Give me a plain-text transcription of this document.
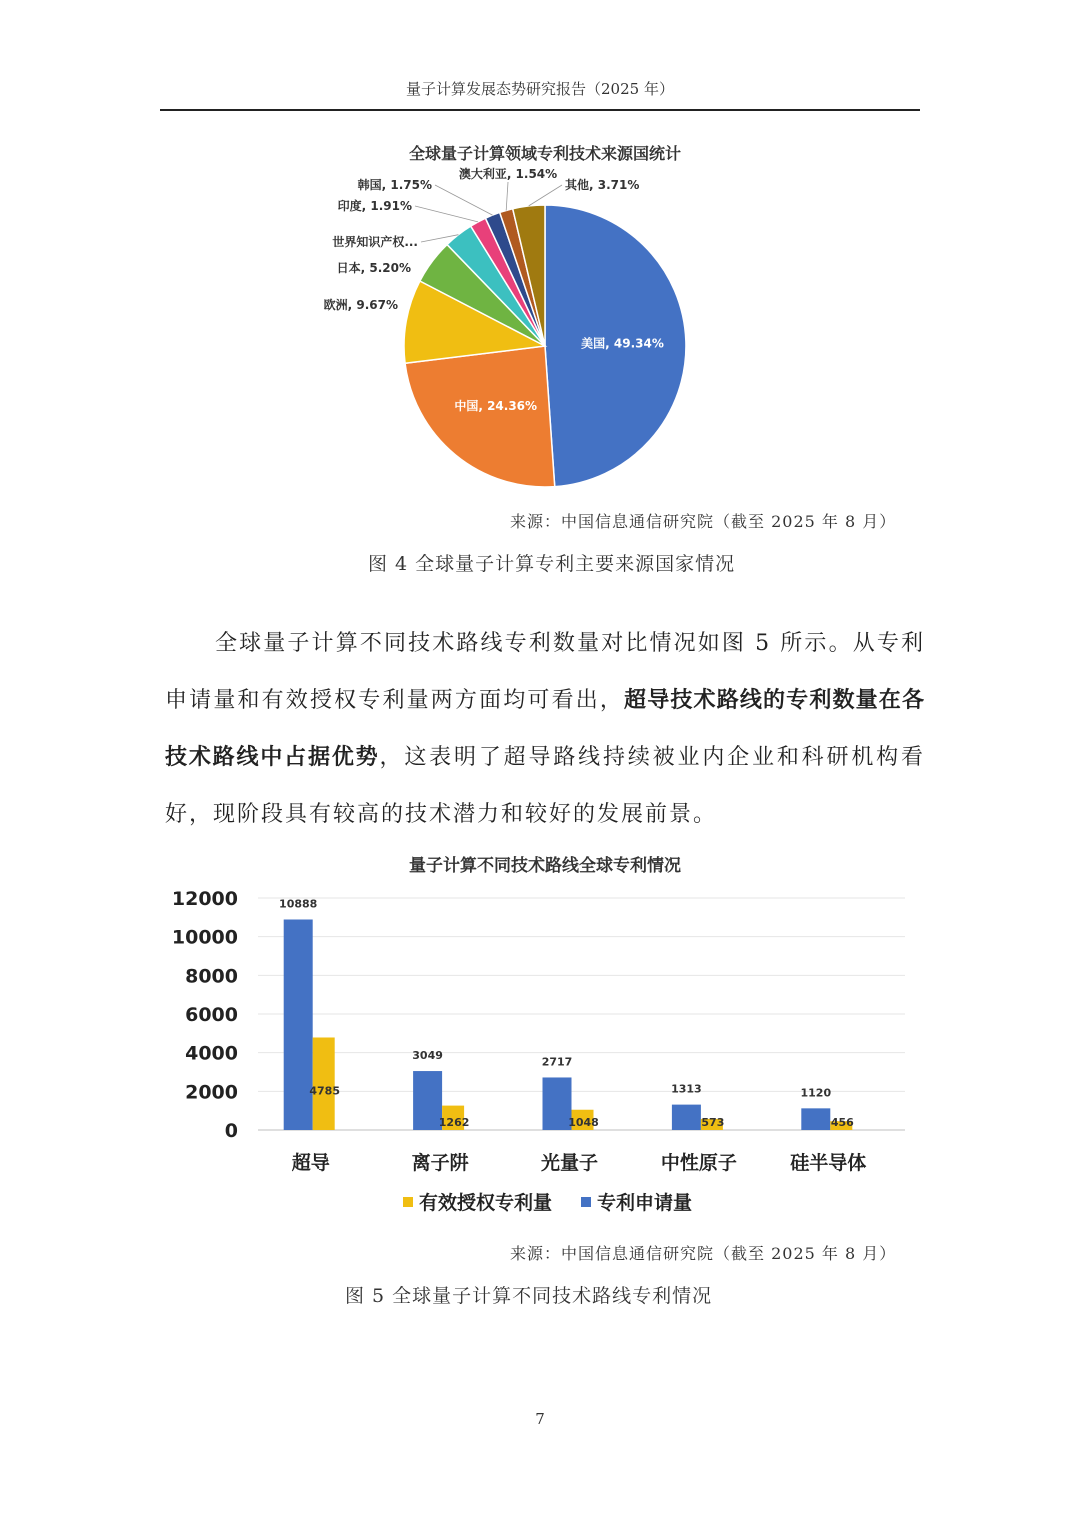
量子计算发展态势研究报告（2025 年）
全球量子计算领域专利技术来源国统计
美国, 49.34%
中国, 24.36%
欧洲, 9.67%
日本, 5.20%
世界知识产权...
印度, 1.91%
韩国, 1.75%
澳大利亚, 1.54%
其他, 3.71%
来源：中国信息通信研究院（截至 2025 年 8 月）
图 4 全球量子计算专利主要来源国家情况
全球量子计算不同技术路线专利数量对比情况如图 5 所示。从专利申请量和有效授权专利量两方面均可看出，超导技术路线的专利数量在各技术路线中占据优势，这表明了超导路线持续被业内企业和科研机构看好，现阶段具有较高的技术潜力和较好的发展前景。
量子计算不同技术路线全球专利情况
0
2000
4000
6000
8000
10000
12000	10888
4785
超导
3049
1262
离子阱
2717
1048
光量子
1313
573
中性原子
1120
456
硅半导体
有效授权专利量 专利申请量
来源：中国信息通信研究院（截至 2025 年 8 月）
图 5 全球量子计算不同技术路线专利情况
7
